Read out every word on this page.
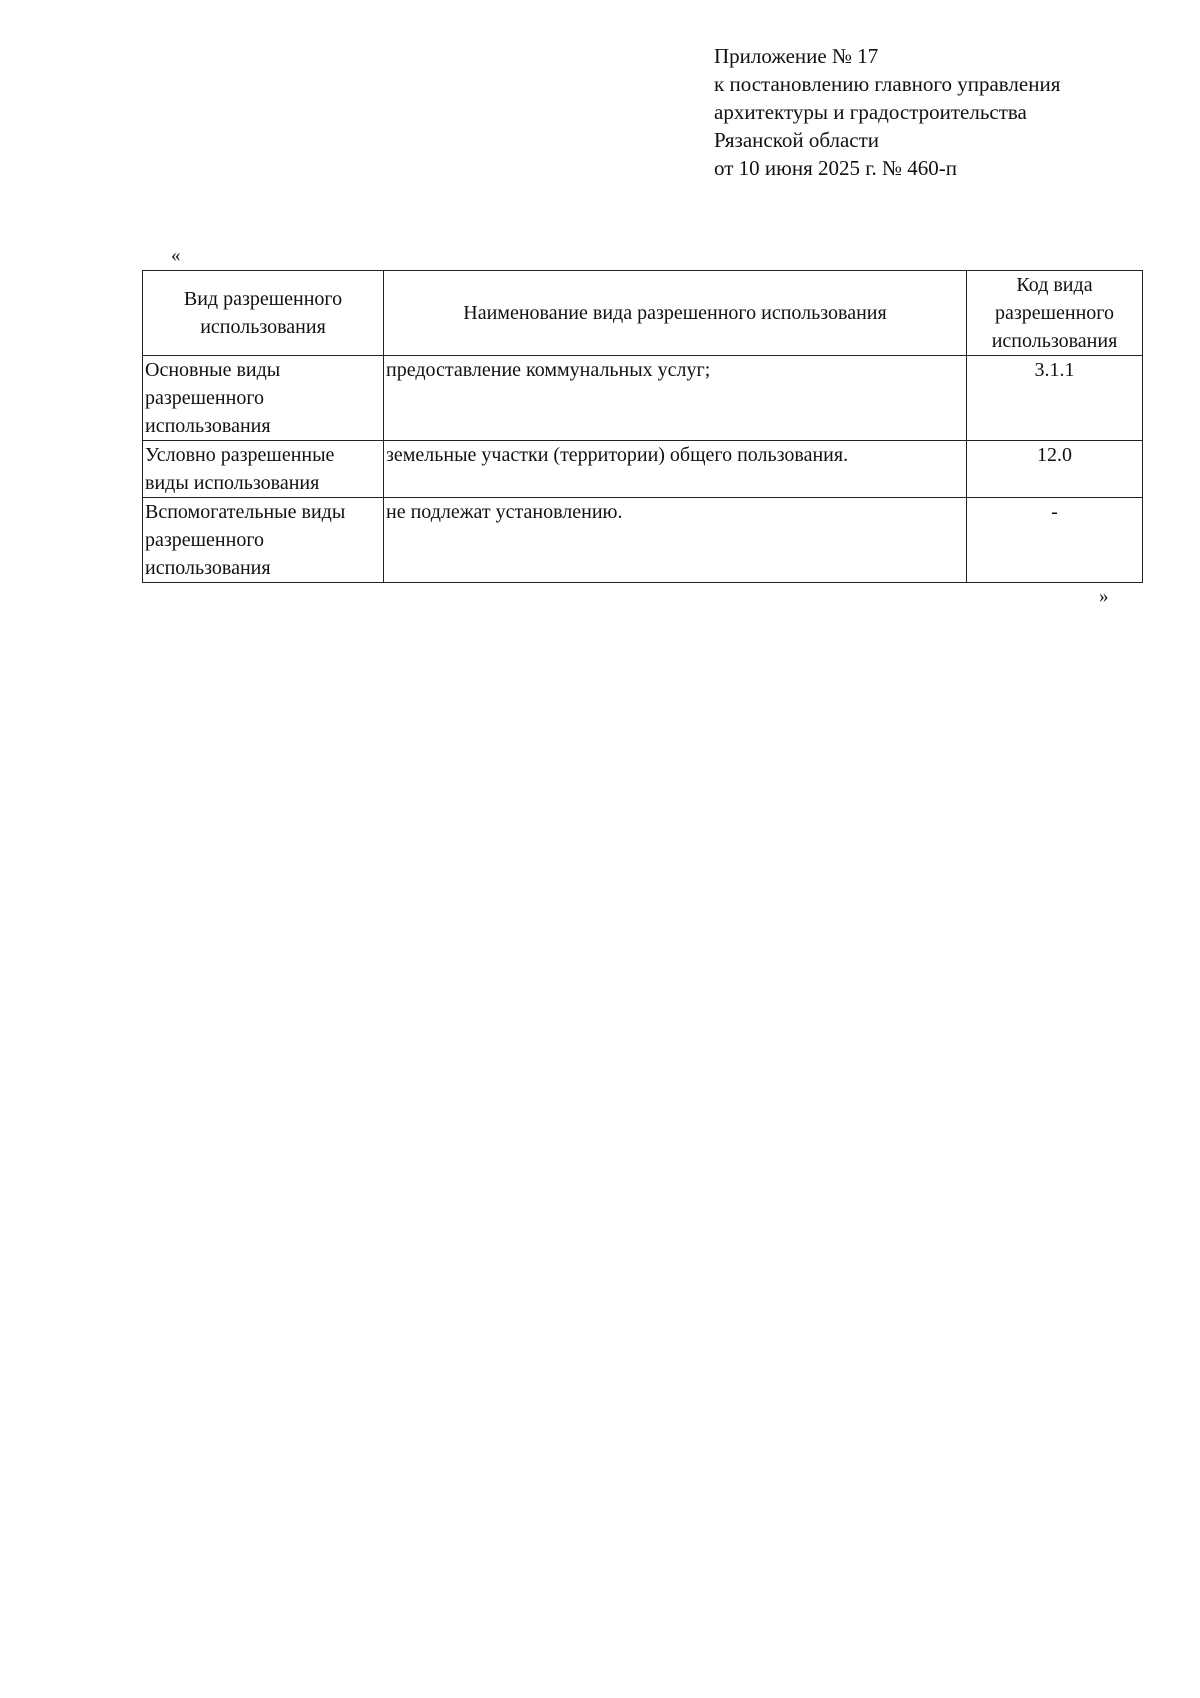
Приложение № 17
к постановлению главного управления
архитектуры и градостроительства
Рязанской области
от 10 июня 2025 г. № 460-п
«
Вид разрешенного использования	Наименование вида разрешенного использования	Код вида разрешенного использования
Основные виды разрешенного использования	предоставление коммунальных услуг;	3.1.1
Условно разрешенные виды использования	земельные участки (территории) общего пользования.	12.0
Вспомогательные виды разрешенного использования	не подлежат установлению.	-
»
